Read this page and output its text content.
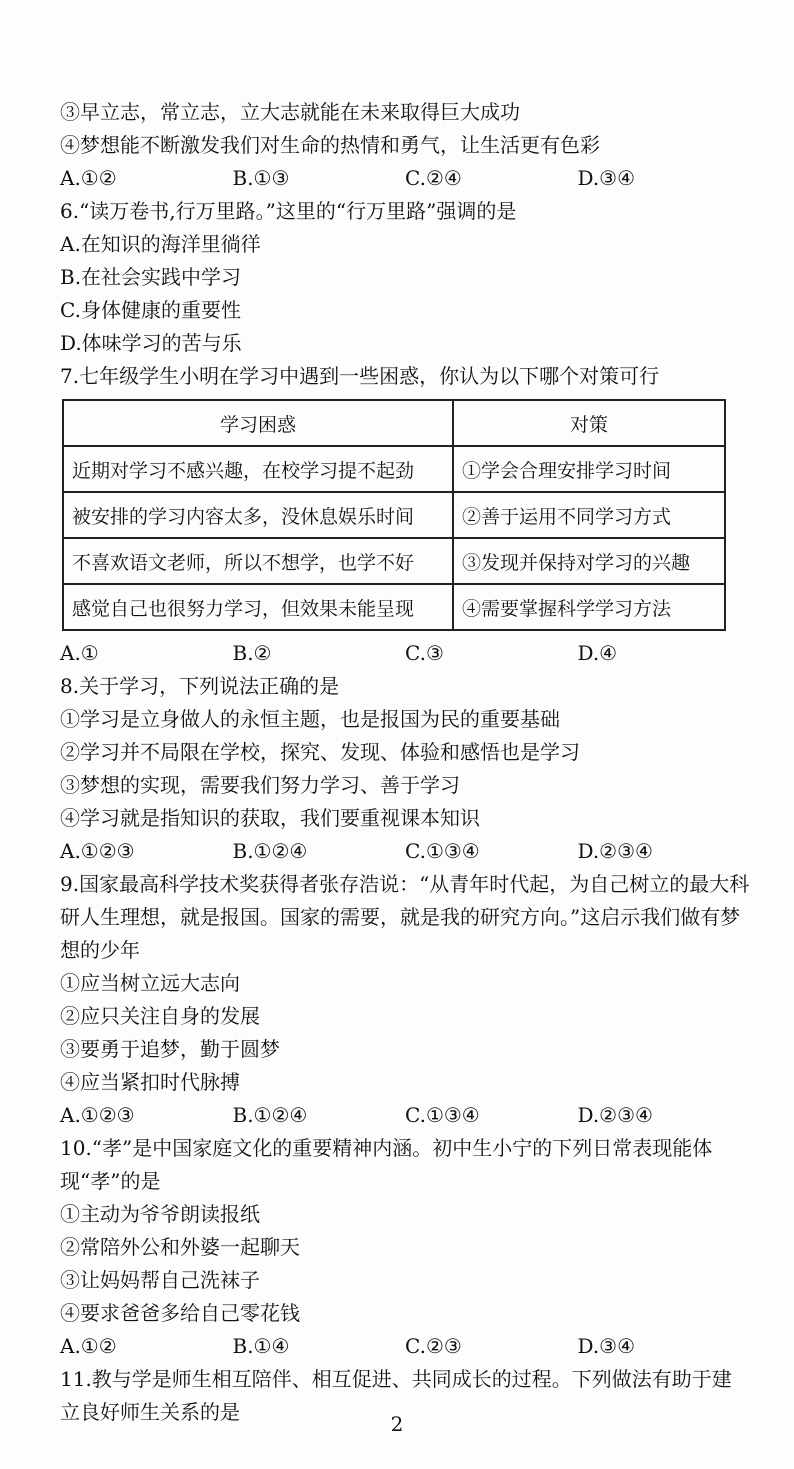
③早立志，常立志，立大志就能在未来取得巨大成功
④梦想能不断激发我们对生命的热情和勇气，让生活更有色彩
A.①②	B.①③	C.②④	D.③④
6.“读万卷书,行万里路。”这里的“行万里路”强调的是
A.在知识的海洋里徜徉
B.在社会实践中学习
C.身体健康的重要性
D.体味学习的苦与乐
7.七年级学生小明在学习中遇到一些困惑，你认为以下哪个对策可行
学习困惑	对策
近期对学习不感兴趣，在校学习提不起劲	①学会合理安排学习时间
被安排的学习内容太多，没休息娱乐时间	②善于运用不同学习方式
不喜欢语文老师，所以不想学，也学不好	③发现并保持对学习的兴趣
感觉自己也很努力学习，但效果未能呈现	④需要掌握科学学习方法
A.①	B.②	C.③	D.④
8.关于学习，下列说法正确的是
①学习是立身做人的永恒主题，也是报国为民的重要基础
②学习并不局限在学校，探究、发现、体验和感悟也是学习
③梦想的实现，需要我们努力学习、善于学习
④学习就是指知识的获取，我们要重视课本知识
A.①②③	B.①②④	C.①③④	D.②③④
9.国家最高科学技术奖获得者张存浩说：“从青年时代起，为自己树立的最大科研人生理想，就是报国。国家的需要，就是我的研究方向。”这启示我们做有梦想的少年
①应当树立远大志向
②应只关注自身的发展
③要勇于追梦，勤于圆梦
④应当紧扣时代脉搏
A.①②③	B.①②④	C.①③④	D.②③④
10.“孝”是中国家庭文化的重要精神内涵。初中生小宁的下列日常表现能体现“孝”的是
①主动为爷爷朗读报纸
②常陪外公和外婆一起聊天
③让妈妈帮自己洗袜子
④要求爸爸多给自己零花钱
A.①②	B.①④	C.②③	D.③④
11.教与学是师生相互陪伴、相互促进、共同成长的过程。下列做法有助于建立良好师生关系的是	2
